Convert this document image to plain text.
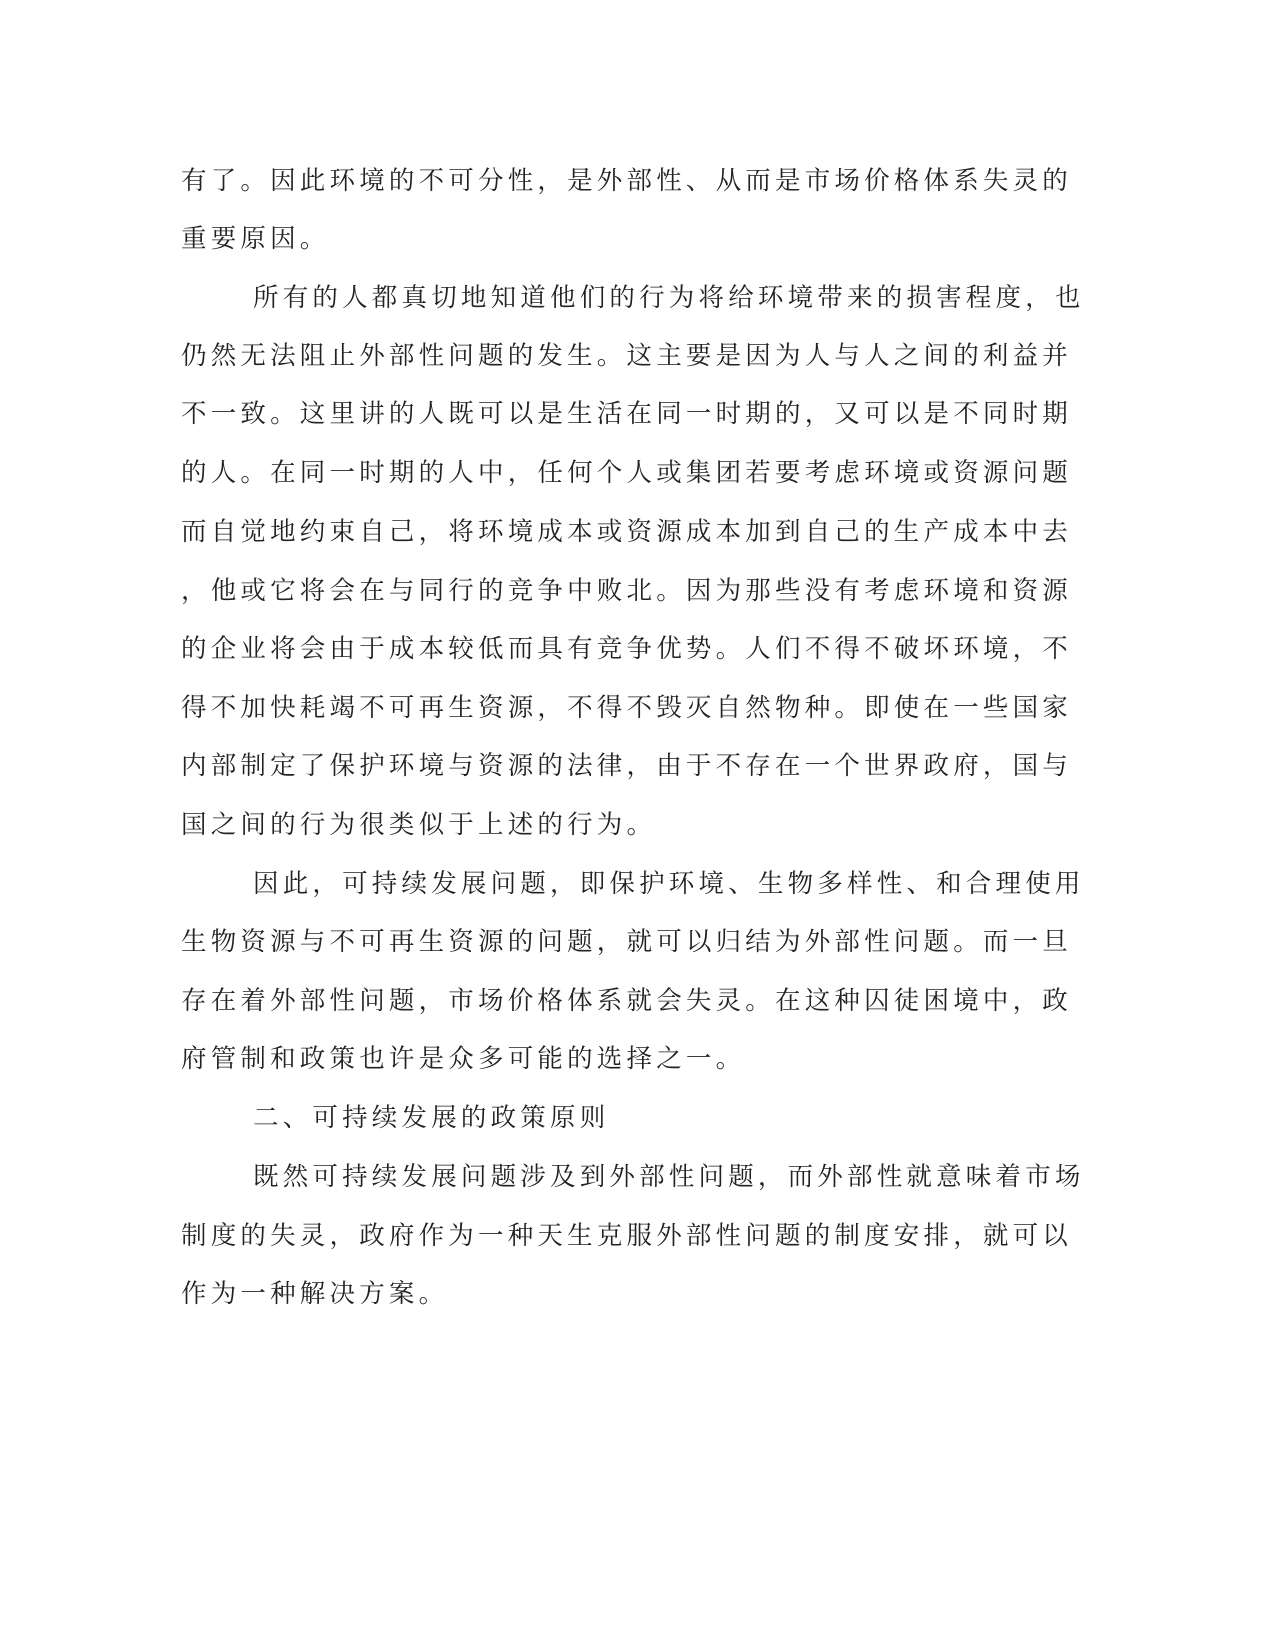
有了。因此环境的不可分性，是外部性、从而是市场价格体系失灵的
重要原因。
所有的人都真切地知道他们的行为将给环境带来的损害程度，也
仍然无法阻止外部性问题的发生。这主要是因为人与人之间的利益并
不一致。这里讲的人既可以是生活在同一时期的，又可以是不同时期
的人。在同一时期的人中，任何个人或集团若要考虑环境或资源问题
而自觉地约束自己，将环境成本或资源成本加到自己的生产成本中去
，他或它将会在与同行的竞争中败北。因为那些没有考虑环境和资源
的企业将会由于成本较低而具有竞争优势。人们不得不破坏环境，不
得不加快耗竭不可再生资源，不得不毁灭自然物种。即使在一些国家
内部制定了保护环境与资源的法律，由于不存在一个世界政府，国与
国之间的行为很类似于上述的行为。
因此，可持续发展问题，即保护环境、生物多样性、和合理使用
生物资源与不可再生资源的问题，就可以归结为外部性问题。而一旦
存在着外部性问题，市场价格体系就会失灵。在这种囚徒困境中，政
府管制和政策也许是众多可能的选择之一。
二、可持续发展的政策原则
既然可持续发展问题涉及到外部性问题，而外部性就意味着市场
制度的失灵，政府作为一种天生克服外部性问题的制度安排，就可以
作为一种解决方案。
